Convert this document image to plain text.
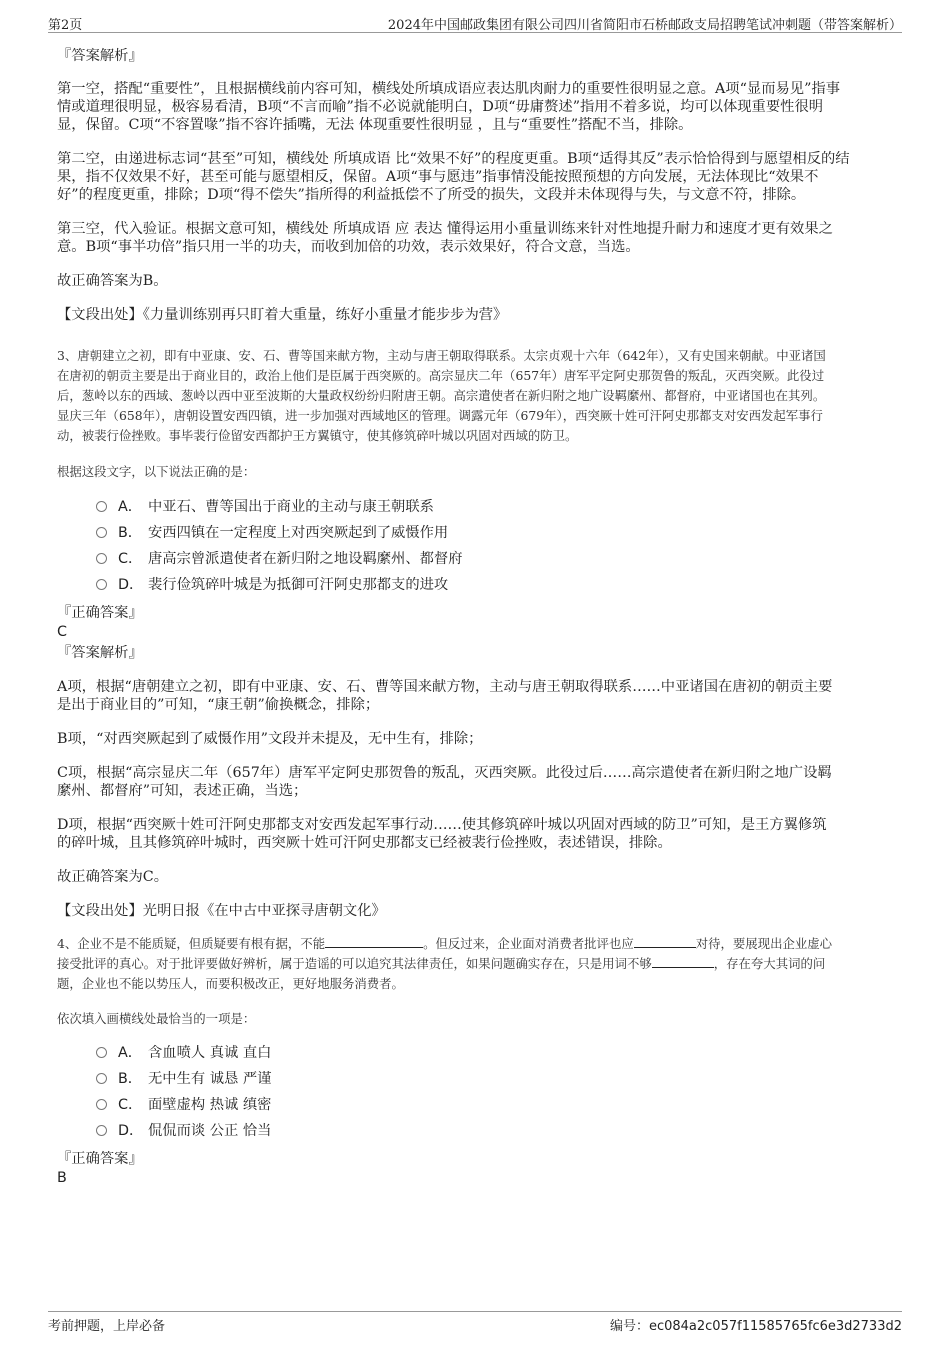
第2页	2024年中国邮政集团有限公司四川省简阳市石桥邮政支局招聘笔试冲刺题（带答案解析）
『答案解析』
第一空，搭配“重要性”，且根据横线前内容可知，横线处所填成语应表达肌肉耐力的重要性很明显之意。A项“显而易见”指事
情或道理很明显，极容易看清，B项“不言而喻”指不必说就能明白，D项“毋庸赘述”指用不着多说，均可以体现重要性很明
显，保留。C项“不容置喙”指不容许插嘴，无法 体现重要性很明显 ，且与“重要性”搭配不当，排除。
第二空，由递进标志词“甚至”可知，横线处 所填成语 比“效果不好”的程度更重。B项“适得其反”表示恰恰得到与愿望相反的结
果，指不仅效果不好，甚至可能与愿望相反，保留。A项“事与愿违”指事情没能按照预想的方向发展，无法体现比“效果不
好”的程度更重，排除；D项“得不偿失”指所得的利益抵偿不了所受的损失，文段并未体现得与失，与文意不符，排除。
第三空，代入验证。根据文意可知，横线处 所填成语 应 表达 懂得运用小重量训练来针对性地提升耐力和速度才更有效果之
意。B项“事半功倍”指只用一半的功夫，而收到加倍的功效，表示效果好，符合文意，当选。
故正确答案为B。
【文段出处】《力量训练别再只盯着大重量，练好小重量才能步步为营》
3、唐朝建立之初，即有中亚康、安、石、曹等国来献方物，主动与唐王朝取得联系。太宗贞观十六年（642年），又有史国来朝献。中亚诸国
在唐初的朝贡主要是出于商业目的，政治上他们是臣属于西突厥的。高宗显庆二年（657年）唐军平定阿史那贺鲁的叛乱，灭西突厥。此役过
后，葱岭以东的西域、葱岭以西中亚至波斯的大量政权纷纷归附唐王朝。高宗遣使者在新归附之地广设羁縻州、都督府，中亚诸国也在其列。
显庆三年（658年），唐朝设置安西四镇，进一步加强对西域地区的管理。调露元年（679年），西突厥十姓可汗阿史那都支对安西发起军事行
动，被裴行俭挫败。事毕裴行俭留安西都护王方翼镇守，使其修筑碎叶城以巩固对西域的防卫。
根据这段文字，以下说法正确的是：
A． 中亚石、曹等国出于商业的主动与康王朝联系
B． 安西四镇在一定程度上对西突厥起到了威慑作用
C． 唐高宗曾派遣使者在新归附之地设羁縻州、都督府
D． 裴行俭筑碎叶城是为抵御可汗阿史那都支的进攻
『正确答案』
C
『答案解析』
A项，根据“唐朝建立之初，即有中亚康、安、石、曹等国来献方物，主动与唐王朝取得联系……中亚诸国在唐初的朝贡主要
是出于商业目的”可知，“康王朝”偷换概念，排除；
B项，“对西突厥起到了威慑作用”文段并未提及，无中生有，排除；
C项，根据“高宗显庆二年（657年）唐军平定阿史那贺鲁的叛乱，灭西突厥。此役过后……高宗遣使者在新归附之地广设羁
縻州、都督府”可知，表述正确，当选；
D项，根据“西突厥十姓可汗阿史那都支对安西发起军事行动……使其修筑碎叶城以巩固对西域的防卫”可知，是王方翼修筑
的碎叶城，且其修筑碎叶城时，西突厥十姓可汗阿史那都支已经被裴行俭挫败，表述错误，排除。
故正确答案为C。
【文段出处】光明日报《在中古中亚探寻唐朝文化》
4、企业不是不能质疑，但质疑要有根有据，不能	。但反过来，企业面对消费者批评也应	对待，要展现出企业虚心
接受批评的真心。对于批评要做好辨析，属于造谣的可以追究其法律责任，如果问题确实存在，只是用词不够	，存在夸大其词的问
题，企业也不能以势压人，而要积极改正，更好地服务消费者。
依次填入画横线处最恰当的一项是：
A． 含血喷人 真诚 直白
B． 无中生有 诚恳 严谨
C． 面壁虚构 热诚 缜密
D． 侃侃而谈 公正 恰当
『正确答案』
B
考前押题，上岸必备	编号：ec084a2c057f11585765fc6e3d2733d2
